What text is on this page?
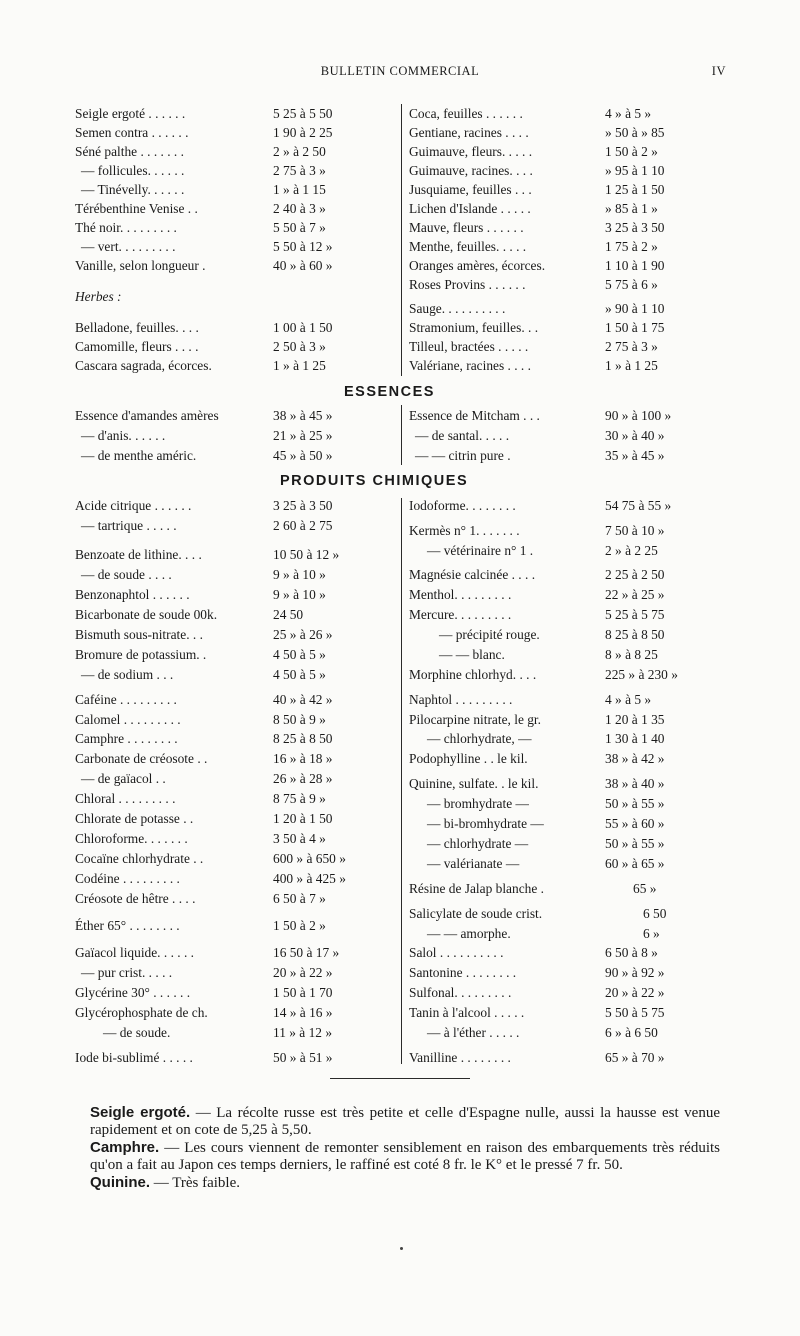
BULLETIN COMMERCIAL	IV
Seigle ergoté . . . . . .	5 25 à 5 50
Semen contra . . . . . .	1 90 à 2 25
Séné palthe . . . . . . .	2 » à 2 50
— follicules. . . . . .	2 75 à 3 »
— Tinévelly. . . . . .	1 » à 1 15
Térébenthine Venise . .	2 40 à 3 »
Thé noir. . . . . . . . .	5 50 à 7 »
— vert. . . . . . . . .	5 50 à 12 »
Vanille, selon longueur .	40 » à 60 »
Herbes :
Belladone, feuilles. . . .	1 00 à 1 50
Camomille, fleurs . . . .	2 50 à 3 »
Cascara sagrada, écorces.	1 » à 1 25
Coca, feuilles . . . . . .	4 » à 5 »
Gentiane, racines . . . .	» 50 à » 85
Guimauve, fleurs. . . . .	1 50 à 2 »
Guimauve, racines. . . .	» 95 à 1 10
Jusquiame, feuilles . . .	1 25 à 1 50
Lichen d'Islande . . . . .	» 85 à 1 »
Mauve, fleurs . . . . . .	3 25 à 3 50
Menthe, feuilles. . . . .	1 75 à 2 »
Oranges amères, écorces.	1 10 à 1 90
Roses Provins . . . . . .	5 75 à 6 »
Sauge. . . . . . . . . .	» 90 à 1 10
Stramonium, feuilles. . .	1 50 à 1 75
Tilleul, bractées . . . . .	2 75 à 3 »
Valériane, racines . . . .	1 » à 1 25
ESSENCES
Essence d'amandes amères	38 » à 45 »
— d'anis. . . . . .	21 » à 25 »
— de menthe améric.	45 » à 50 »
Essence de Mitcham . . .	90 » à 100 »
— de santal. . . . .	30 » à 40 »
— — citrin pure .	35 » à 45 »
PRODUITS CHIMIQUES
Acide citrique . . . . . .	3 25 à 3 50
— tartrique . . . . .	2 60 à 2 75
Benzoate de lithine. . . .	10 50 à 12 »
— de soude . . . .	9 » à 10 »
Benzonaphtol . . . . . .	9 » à 10 »
Bicarbonate de soude 00k.	24 50
Bismuth sous-nitrate. . .	25 » à 26 »
Bromure de potassium. .	4 50 à 5 »
— de sodium . . .	4 50 à 5 »
Caféine . . . . . . . . .	40 » à 42 »
Calomel . . . . . . . . .	8 50 à 9 »
Camphre . . . . . . . .	8 25 à 8 50
Carbonate de créosote . .	16 » à 18 »
— de gaïacol . .	26 » à 28 »
Chloral . . . . . . . . .	8 75 à 9 »
Chlorate de potasse . .	1 20 à 1 50
Chloroforme. . . . . . .	3 50 à 4 »
Cocaïne chlorhydrate . .	600 » à 650 »
Codéine . . . . . . . . .	400 » à 425 »
Créosote de hêtre . . . .	6 50 à 7 »
Éther 65° . . . . . . . .	1 50 à 2 »
Gaïacol liquide. . . . . .	16 50 à 17 »
— pur crist. . . . .	20 » à 22 »
Glycérine 30° . . . . . .	1 50 à 1 70
Glycérophosphate de ch.	14 » à 16 »
— de soude.	11 » à 12 »
Iode bi-sublimé . . . . .	50 » à 51 »
Iodoforme. . . . . . . .	54 75 à 55 »
Kermès n° 1. . . . . . .	7 50 à 10 »
— vétérinaire n° 1 .	2 » à 2 25
Magnésie calcinée . . . .	2 25 à 2 50
Menthol. . . . . . . . .	22 » à 25 »
Mercure. . . . . . . . .	5 25 à 5 75
— précipité rouge.	8 25 à 8 50
— — blanc.	8 » à 8 25
Morphine chlorhyd. . . .	225 » à 230 »
Naphtol . . . . . . . . .	4 » à 5 »
Pilocarpine nitrate, le gr.	1 20 à 1 35
— chlorhydrate, —	1 30 à 1 40
Podophylline . . le kil.	38 » à 42 »
Quinine, sulfate. . le kil.	38 » à 40 »
— bromhydrate —	50 » à 55 »
— bi-bromhydrate —	55 » à 60 »
— chlorhydrate —	50 » à 55 »
— valérianate —	60 » à 65 »
Résine de Jalap blanche .	65 »
Salicylate de soude crist.	6 50
— — amorphe.	6 »
Salol . . . . . . . . . .	6 50 à 8 »
Santonine . . . . . . . .	90 » à 92 »
Sulfonal. . . . . . . . .	20 » à 22 »
Tanin à l'alcool . . . . .	5 50 à 5 75
— à l'éther . . . . .	6 » à 6 50
Vanilline . . . . . . . .	65 » à 70 »

Seigle ergoté. — La récolte russe est très petite et celle d'Espagne nulle, aussi la hausse est venue rapidement et on cote de 5,25 à 5,50.

Camphre. — Les cours viennent de remonter sensiblement en raison des embarquements très réduits qu'on a fait au Japon ces temps derniers, le raffiné est coté 8 fr. le K° et le pressé 7 fr. 50.

Quinine. — Très faible.
